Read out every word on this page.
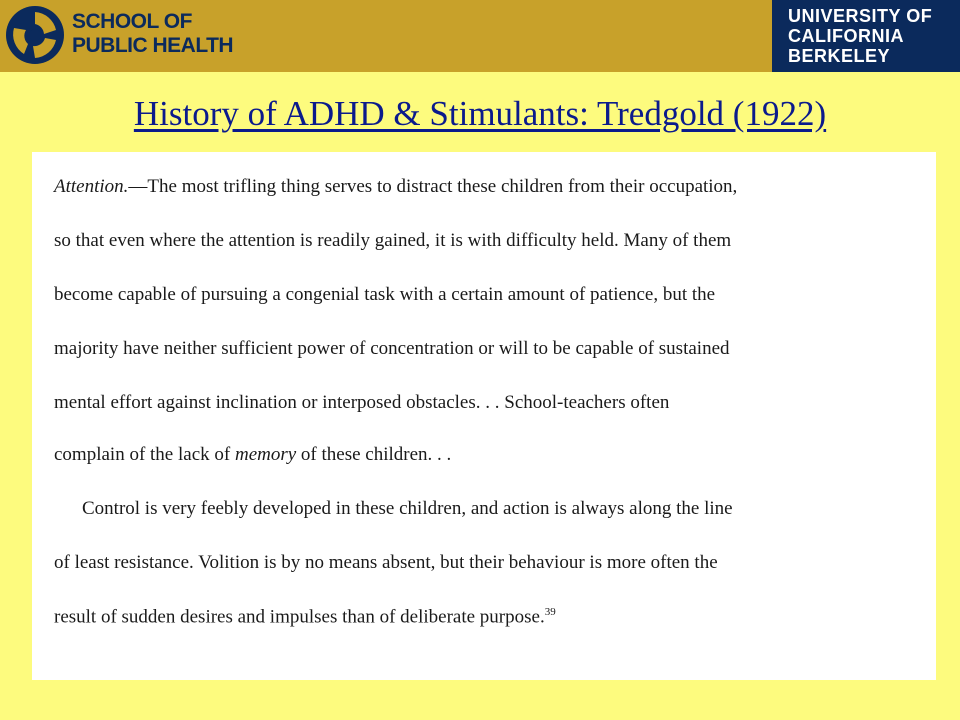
SCHOOL OF
PUBLIC HEALTH
UNIVERSITY OF
CALIFORNIA
BERKELEY
History of ADHD & Stimulants: Tredgold (1922)

Attention.—The most trifling thing serves to distract these children from their occupation,

so that even where the attention is readily gained, it is with difficulty held. Many of them

become capable of pursuing a congenial task with a certain amount of patience, but the

majority have neither sufficient power of concentration or will to be capable of sustained

mental effort against inclination or interposed obstacles. . . School-teachers often

complain of the lack of memory of these children. . .

Control is very feebly developed in these children, and action is always along the line

of least resistance. Volition is by no means absent, but their behaviour is more often the

result of sudden desires and impulses than of deliberate purpose.$^{39}$
